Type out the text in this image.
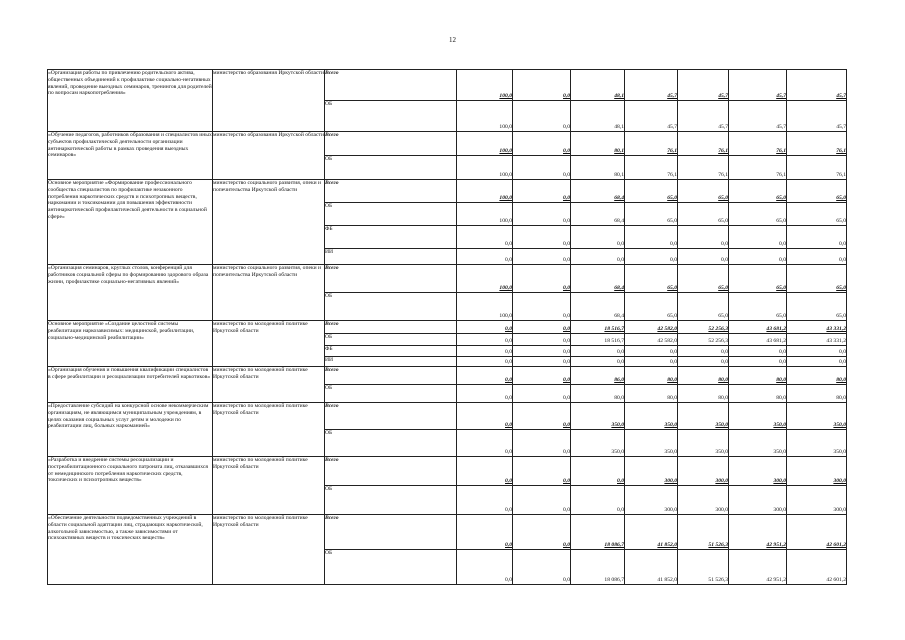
12
«Организация работы по привлечению родительского актива, общественных объединений к профилактике социально-негативных явлений, проведение выездных семинаров, тренингов для родителей по вопросам наркопотребления»	министерство образования Иркутской области	Всего	100,0	0,0	48,1	45,7	45,7	45,7	45,7
		ОБ	100,0	0,0	48,1	45,7	45,7	45,7	45,7
«Обучение педагогов, работников образования и специалистов иных субъектов профилактической деятельности организации антинаркотической работы в рамках проведения выездных семинаров»	министерство образования Иркутской области	Всего	100,0	0,0	80,1	76,1	76,1	76,1	76,1
		ОБ	100,0	0,0	80,1	76,1	76,1	76,1	76,1
Основное мероприятие «Формирование профессионального сообщества специалистов по профилактике незаконного потребления наркотических средств и психотропных веществ, наркомании и токсикомании для повышения эффективности антинаркотической профилактической деятельности в социальной сфере»	министерство социального развития, опеки и попечительства Иркутской области	Всего	100,0	0,0	68,4	65,0	65,0	65,0	65,0
		ОБ	100,0	0,0	68,4	65,0	65,0	65,0	65,0
		ФБ	0,0	0,0	0,0	0,0	0,0	0,0	0,0
		ИИ	0,0	0,0	0,0	0,0	0,0	0,0	0,0
«Организация семинаров, круглых столов, конференций для работников социальной сферы по формированию здорового образа жизни, профилактике социально-негативных явлений»	министерство социального развития, опеки и попечительства Иркутской области	Всего	100,0	0,0	68,4	65,0	65,0	65,0	65,0
		ОБ	100,0	0,0	68,4	65,0	65,0	65,0	65,0
Основное мероприятие «Создание целостной системы реабилитации наркозависимых: медицинской, реабилитации, социально-медицинской реабилитации»	министерство по молодежной политике Иркутской области	Всего	0,0	0,0	18 516,7	42 582,0	52 256,3	43 681,2	43 331,2
		ОБ	0,0	0,0	18 516,7	42 582,0	52 256,3	43 681,2	43 331,2
		ФБ	0,0	0,0	0,0	0,0	0,0	0,0	0,0
		ИИ	0,0	0,0	0,0	0,0	0,0	0,0	0,0
«Организация обучения и повышения квалификации специалистов в сфере реабилитации и ресоциализации потребителей наркотиков»	министерство по молодежной политике Иркутской области	Всего	0,0	0,0	86,0	80,0	80,0	80,0	80,0
		ОБ	0,0	0,0	80,0	80,0	80,0	80,0	80,0
«Предоставление субсидий на конкурсной основе некоммерческим организациям, не являющимся муниципальным учреждениям, в целях оказания социальных услуг детям и молодежи по реабилитации лиц, больных наркоманией»	министерство по молодежной политике Иркутской области	Всего	0,0	0,0	350,0	350,0	350,0	350,0	350,0
		ОБ	0,0	0,0	350,0	350,0	350,0	350,0	350,0
«Разработка и внедрение системы ресоциализации и постреабилитационного социального патроната лиц, отказавшихся от немедицинского потребления наркотических средств, токсических и психотропных веществ»	министерство по молодежной политике Иркутской области	Всего	0,0	0,0	0,0	300,0	300,0	300,0	300,0
		ОБ	0,0	0,0	0,0	300,0	300,0	300,0	300,0
«Обеспечение деятельности подведомственных учреждений в области социальной адаптации лиц, страдающих наркотической, алкогольной зависимостью, а также зависимостями от психоактивных веществ и токсических веществ»	министерство по молодежной политике Иркутской области	Всего	0,0	0,0	18 086,7	41 852,0	51 526,3	42 951,2	42 601,2
		ОБ	0,0	0,0	18 086,7	41 852,0	51 526,3	42 951,2	42 601,2
